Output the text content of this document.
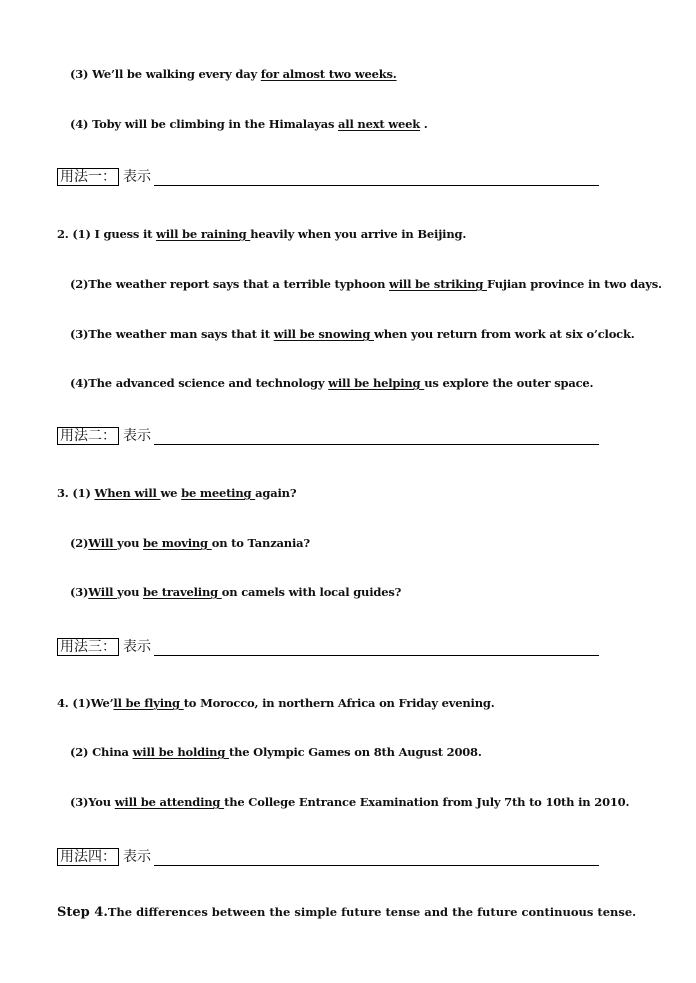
(3) We’ll be walking every day for almost two weeks.
(4) Toby will be climbing in the Himalayas all next week .
用法一： 表示
2. (1) I guess it will be raining heavily when you arrive in Beijing.
(2)The weather report says that a terrible typhoon will be striking Fujian province in two days.
(3)The weather man says that it will be snowing when you return from work at six o’clock.
(4)The advanced science and technology will be helping us explore the outer space.
用法二： 表示
3. (1) When will we be meeting again?
(2)Will you be moving on to Tanzania?
(3)Will you be traveling on camels with local guides?
用法三： 表示
4. (1)We’ll be flying to Morocco, in northern Africa on Friday evening.
(2) China will be holding the Olympic Games on 8th August 2008.
(3)You will be attending the College Entrance Examination from July 7th to 10th in 2010.
用法四： 表示
Step 4.The differences between the simple future tense and the future continuous tense.
